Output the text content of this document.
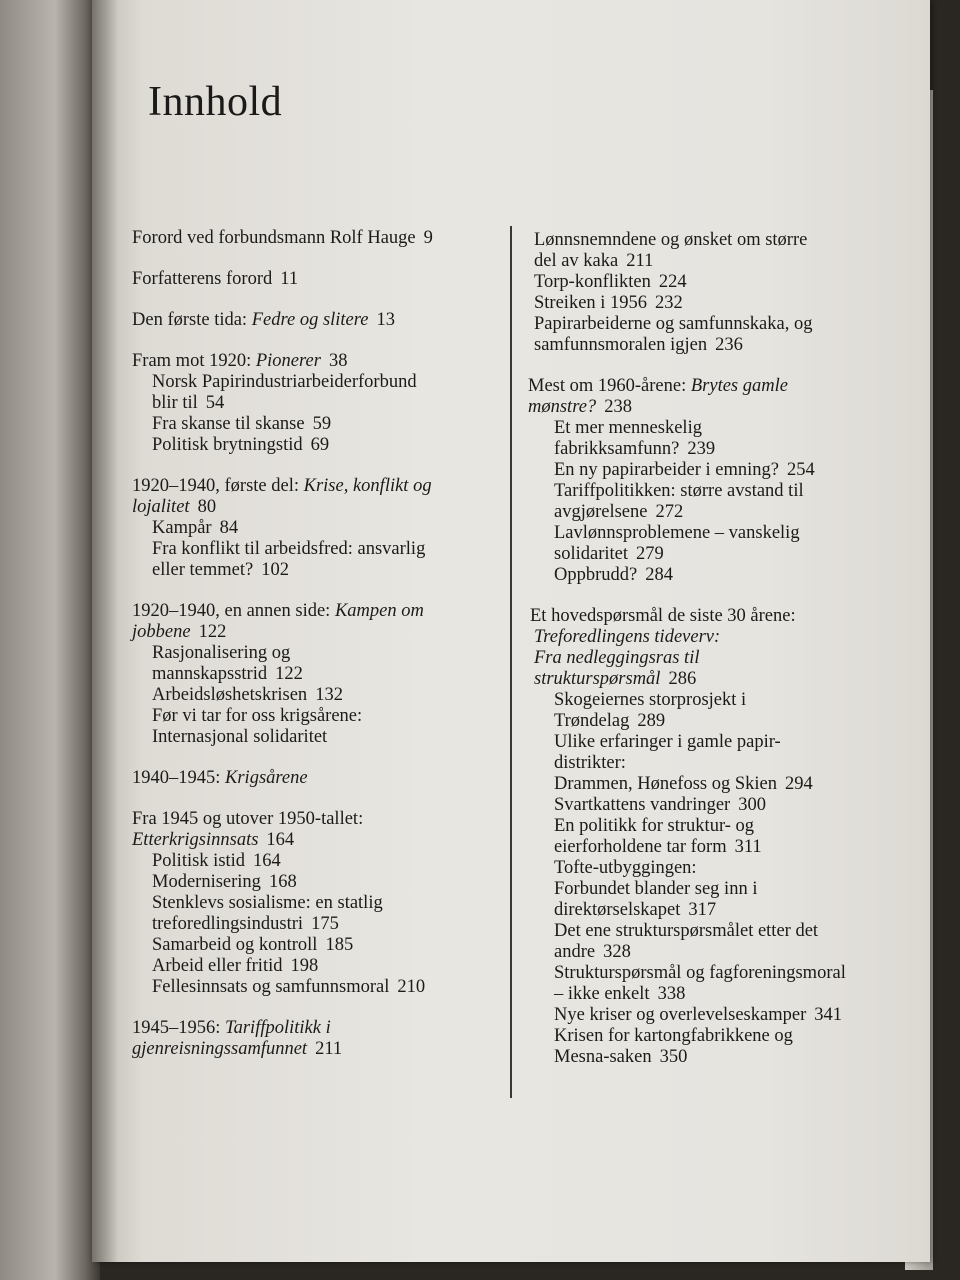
Innhold

Forord ved forbundsmann Rolf Hauge 9

Forfatterens forord 11

Den første tida: Fedre og slitere 13

Fram mot 1920: Pionerer 38

Norsk Papirindustriarbeiderforbund

blir til 54

Fra skanse til skanse 59

Politisk brytningstid 69

1920–1940, første del: Krise, konflikt og

lojalitet 80

Kampår 84

Fra konflikt til arbeidsfred: ansvarlig

eller temmet? 102

1920–1940, en annen side: Kampen om

jobbene 122

Rasjonalisering og

mannskapsstrid 122

Arbeidsløshetskrisen 132

Før vi tar for oss krigsårene:

Internasjonal solidaritet

1940–1945: Krigsårene

Fra 1945 og utover 1950-tallet:

Etterkrigsinnsats 164

Politisk istid 164

Modernisering 168

Stenklevs sosialisme: en statlig

treforedlingsindustri 175

Samarbeid og kontroll 185

Arbeid eller fritid 198

Fellesinnsats og samfunnsmoral 210

1945–1956: Tariffpolitikk i

gjenreisningssamfunnet 211

Lønnsnemndene og ønsket om større

del av kaka 211

Torp-konflikten 224

Streiken i 1956 232

Papirarbeiderne og samfunnskaka, og

samfunnsmoralen igjen 236

Mest om 1960-årene: Brytes gamle

mønstre? 238

Et mer menneskelig

fabrikksamfunn? 239

En ny papirarbeider i emning? 254

Tariffpolitikken: større avstand til

avgjørelsene 272

Lavlønnsproblemene – vanskelig

solidaritet 279

Oppbrudd? 284

Et hovedspørsmål de siste 30 årene:

Treforedlingens tideverv:

Fra nedleggingsras til

strukturspørsmål 286

Skogeiernes storprosjekt i

Trøndelag 289

Ulike erfaringer i gamle papir-

distrikter:

Drammen, Hønefoss og Skien 294

Svartkattens vandringer 300

En politikk for struktur- og

eierforholdene tar form 311

Tofte-utbyggingen:

Forbundet blander seg inn i

direktørselskapet 317

Det ene strukturspørsmålet etter det

andre 328

Strukturspørsmål og fagforeningsmoral

– ikke enkelt 338

Nye kriser og overlevelseskamper 341

Krisen for kartongfabrikkene og

Mesna-saken 350
